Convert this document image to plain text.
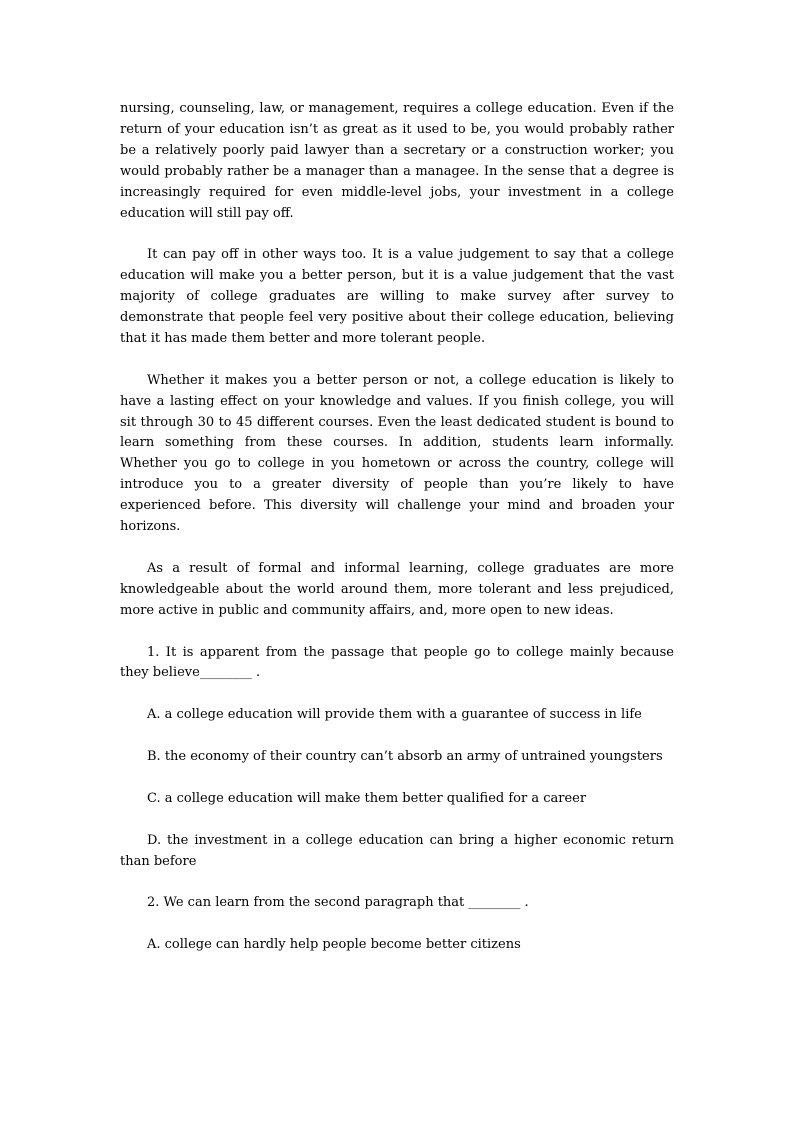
nursing, counseling, law, or management, requires a college education. Even if the return of your education isn’t as great as it used to be, you would probably rather be a relatively poorly paid lawyer than a secretary or a construction worker; you would probably rather be a manager than a managee. In the sense that a degree is increasingly required for even middle-level jobs, your investment in a college education will still pay off.

It can pay off in other ways too. It is a value judgement to say that a college education will make you a better person, but it is a value judgement that the vast majority of college graduates are willing to make survey after survey to demonstrate that people feel very positive about their college education, believing that it has made them better and more tolerant people.

Whether it makes you a better person or not, a college education is likely to have a lasting effect on your knowledge and values. If you finish college, you will sit through 30 to 45 different courses. Even the least dedicated student is bound to learn something from these courses. In addition, students learn informally. Whether you go to college in you hometown or across the country, college will introduce you to a greater diversity of people than you’re likely to have experienced before. This diversity will challenge your mind and broaden your horizons.

As a result of formal and informal learning, college graduates are more knowledgeable about the world around them, more tolerant and less prejudiced, more active in public and community affairs, and, more open to new ideas.

1. It is apparent from the passage that people go to college mainly because they believe________ .

A. a college education will provide them with a guarantee of success in life

B. the economy of their country can’t absorb an army of untrained youngsters

C. a college education will make them better qualified for a career

D. the investment in a college education can bring a higher economic return than before

2. We can learn from the second paragraph that ________ .

A. college can hardly help people become better citizens
